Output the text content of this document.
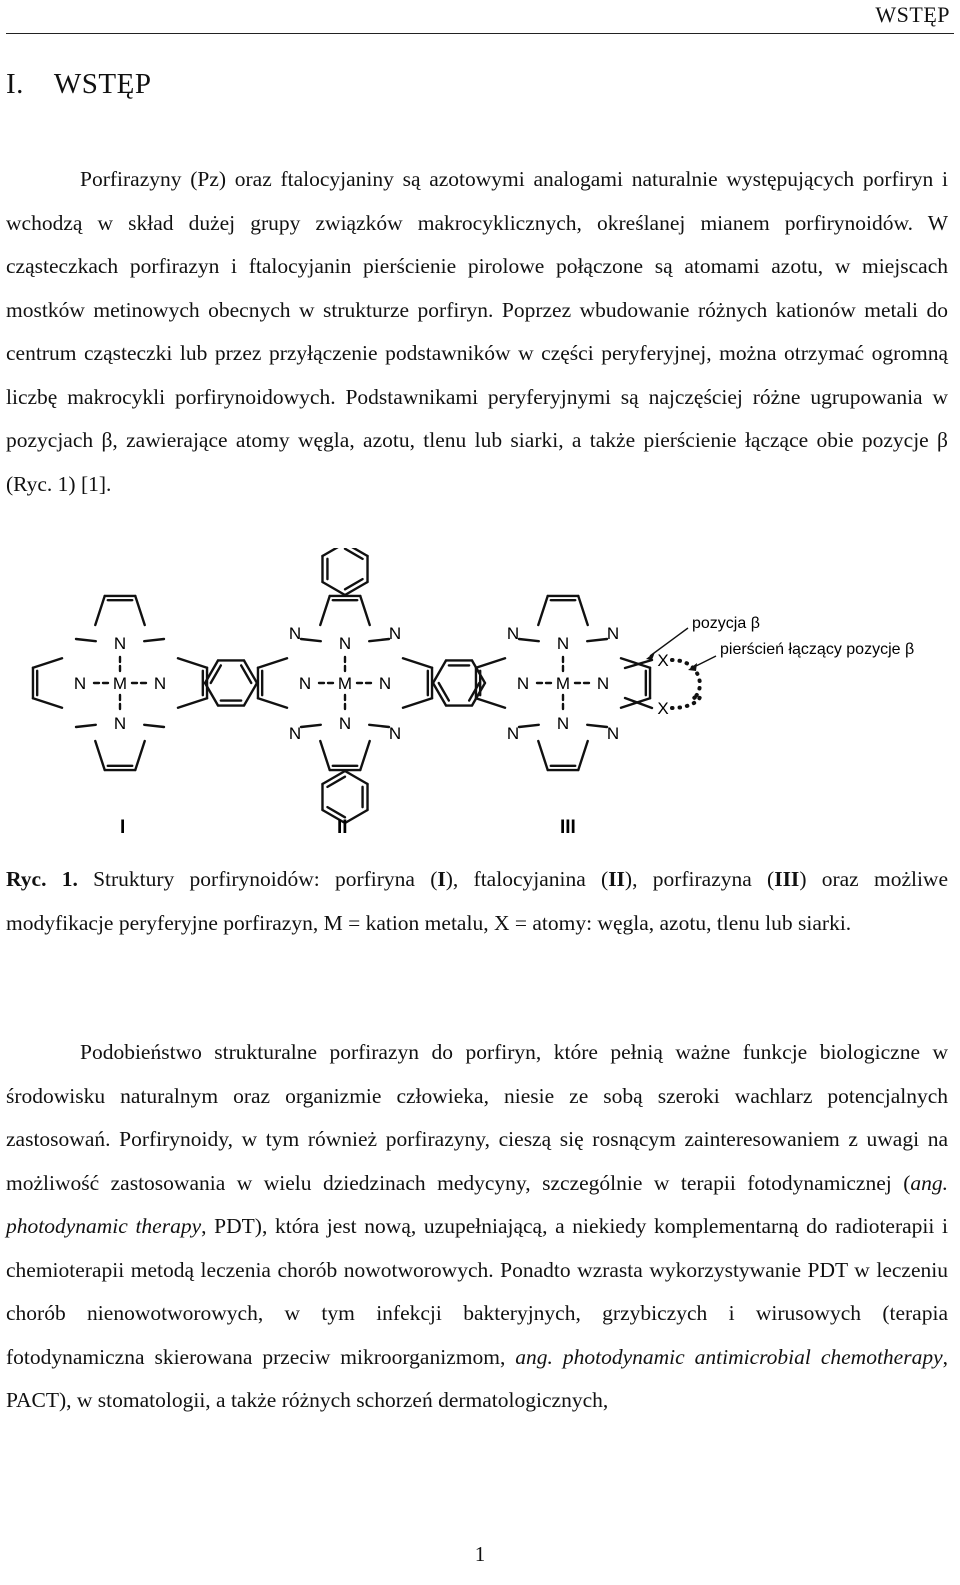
WSTĘP
I. WSTĘP

Porfirazyny (Pz) oraz ftalocyjaniny są azotowymi analogami naturalnie występujących porfiryn i wchodzą w skład dużej grupy związków makrocyklicznych, określanej mianem porfirynoidów. W cząsteczkach porfirazyn i ftalocyjanin pierścienie pirolowe połączone są atomami azotu, w miejscach mostków metinowych obecnych w strukturze porfiryn. Poprzez wbudowanie różnych kationów metali do centrum cząsteczki lub przez przyłączenie podstawników w części peryferyjnej, można otrzymać ogromną liczbę makrocykli porfirynoidowych. Podstawnikami peryferyjnymi są najczęściej różne ugrupowania w pozycjach β, zawierające atomy węgla, azotu, tlenu lub siarki, a także pierścienie łączące obie pozycje β (Ryc. 1) [1].

M
N
N
N
N	M
N
N
N
N
N
N
N
N
M
N
N
N
N
N
N
N
N
X
X
pozycja β
pierścień łączący pozycje β
I	II	III

Ryc. 1. Struktury porfirynoidów: porfiryna (I), ftalocyjanina (II), porfirazyna (III) oraz możliwe modyfikacje peryferyjne porfirazyn, M = kation metalu, X = atomy: węgla, azotu, tlenu lub siarki.

Podobieństwo strukturalne porfirazyn do porfiryn, które pełnią ważne funkcje biologiczne w środowisku naturalnym oraz organizmie człowieka, niesie ze sobą szeroki wachlarz potencjalnych zastosowań. Porfirynoidy, w tym również porfirazyny, cieszą się rosnącym zainteresowaniem z uwagi na możliwość zastosowania w wielu dziedzinach medycyny, szczególnie w terapii fotodynamicznej (ang. photodynamic therapy, PDT), która jest nową, uzupełniającą, a niekiedy komplementarną do radioterapii i chemioterapii metodą leczenia chorób nowotworowych. Ponadto wzrasta wykorzystywanie PDT w leczeniu chorób nienowotworowych, w tym infekcji bakteryjnych, grzybiczych i wirusowych (terapia fotodynamiczna skierowana przeciw mikroorganizmom, ang. photodynamic antimicrobial chemotherapy, PACT), w stomatologii, a także różnych schorzeń dermatologicznych,

1
